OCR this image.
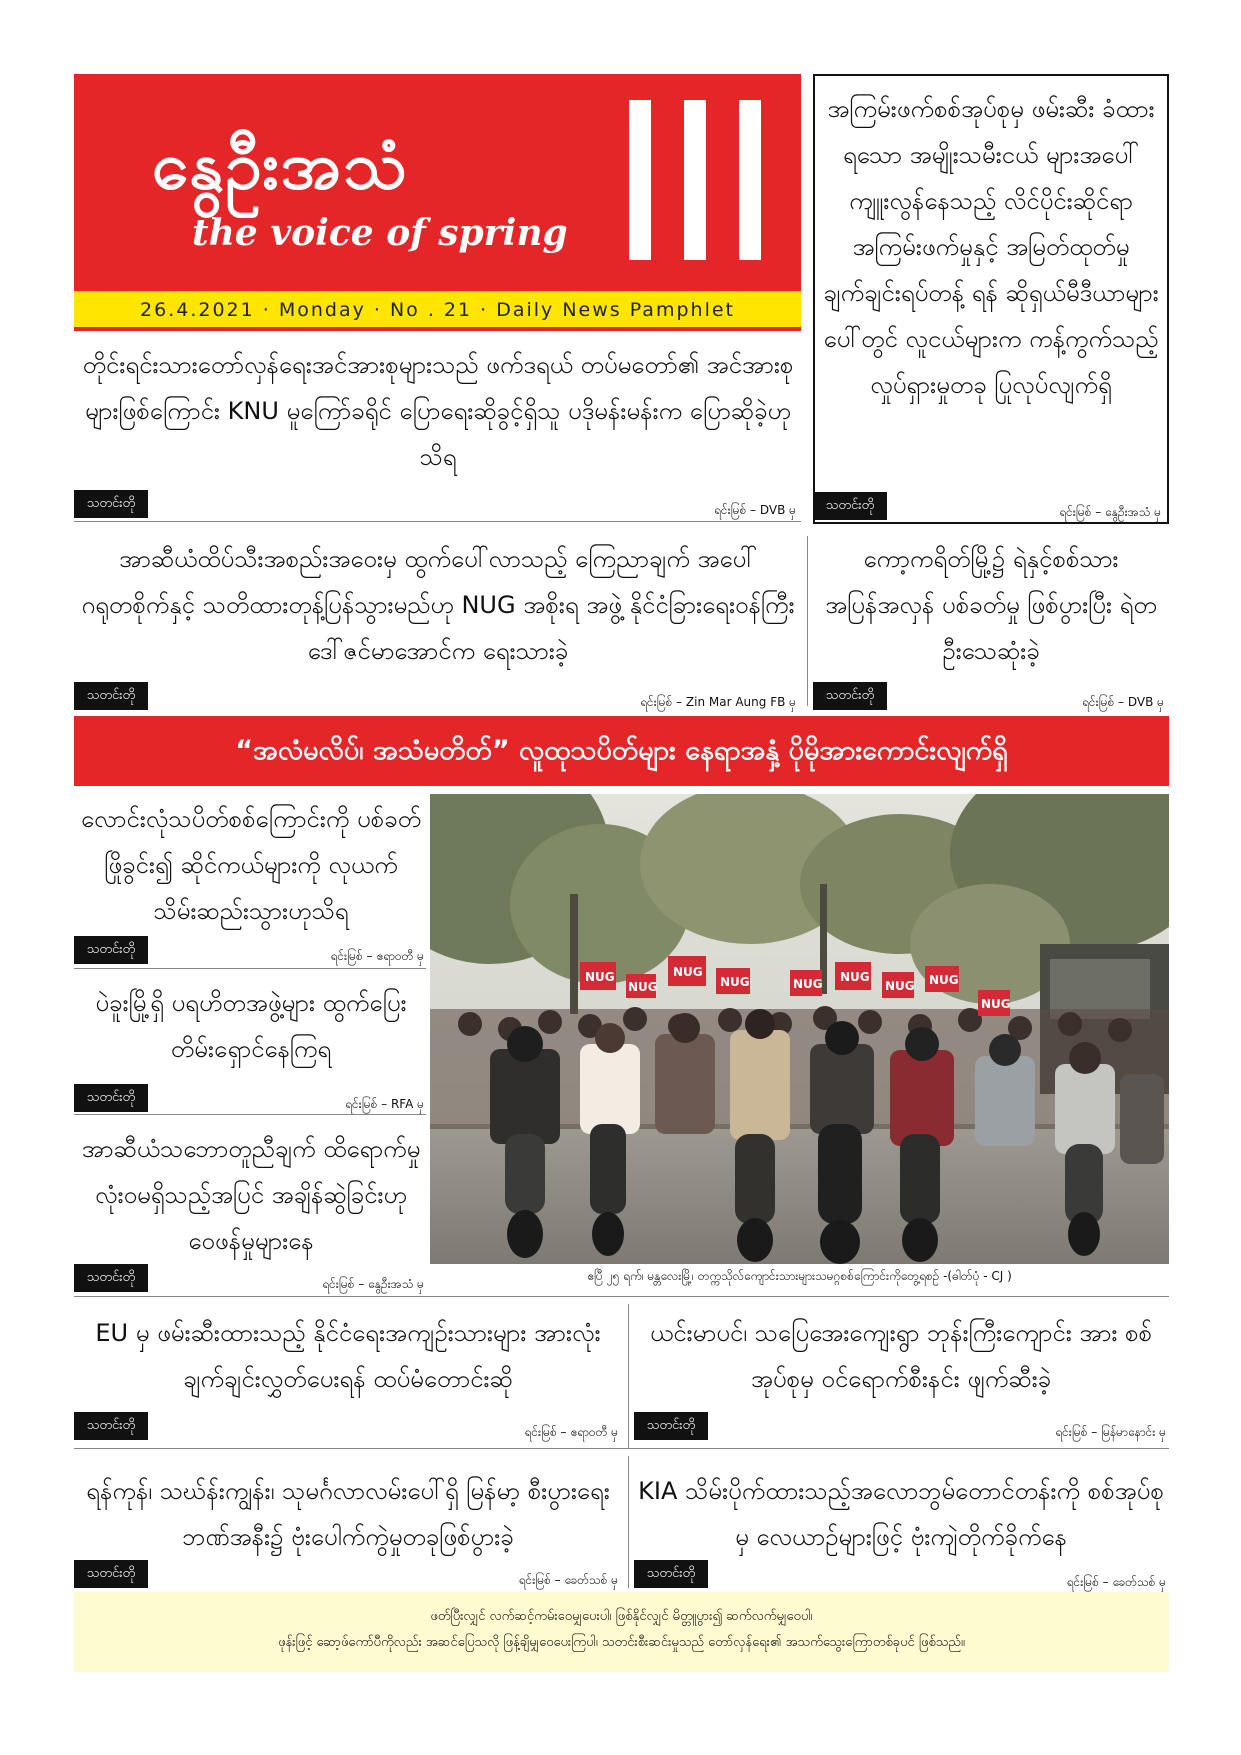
နွေဦးအသံ
the voice of spring
26.4.2021 · Monday · No . 21 · Daily News Pamphlet
တိုင်းရင်းသားတော်လှန်ရေးအင်အားစုများသည် ဖက်ဒရယ် တပ်မတော်၏ အင်အားစုများဖြစ်ကြောင်း KNU မူကြော်ခရိုင် ပြောရေးဆိုခွင့်ရှိသူ ပဒိုမန်းမန်းက ပြောဆိုခဲ့ဟုသိရ
သတင်းတို	ရင်းမြစ် – DVB မှ
အကြမ်းဖက်စစ်အုပ်စုမှ ဖမ်းဆီး ခံထားရသော အမျိုးသမီးငယ် များအပေါ် ကျူးလွန်နေသည့် လိင်ပိုင်းဆိုင်ရာအကြမ်းဖက်မှုနှင့် အမြတ်ထုတ်မှု ချက်ချင်းရပ်တန့် ရန် ဆိုရှယ်မီဒီယာများပေါ်တွင် လူငယ်များက ကန့်ကွက်သည့် လှုပ်ရှားမှုတခု ပြုလုပ်လျက်ရှိ
သတင်းတို	ရင်းမြစ် – နွေဦးအသံ မှ
အာဆီယံထိပ်သီးအစည်းအဝေးမှ ထွက်ပေါ်လာသည့် ကြေညာချက် အပေါ် ဂရုတစိုက်နှင့် သတိထားတုန့်ပြန်သွားမည်ဟု NUG အစိုးရ အဖွဲ့ နိုင်ငံခြားရေးဝန်ကြီး ဒေါ်ဇင်မာအောင်က ရေးသားခဲ့
သတင်းတို	ရင်းမြစ် – Zin Mar Aung FB မှ
ကော့ကရိတ်မြို့၌ ရဲနှင့်စစ်သား အပြန်အလှန် ပစ်ခတ်မှု ဖြစ်ပွားပြီး ရဲတဦးသေဆုံးခဲ့
သတင်းတို	ရင်းမြစ် – DVB မှ
“အလံမလိပ်၊ အသံမတိတ်” လူထုသပိတ်များ နေရာအနှံ့ ပိုမိုအားကောင်းလျက်ရှိ
လောင်းလုံသပိတ်စစ်ကြောင်းကို ပစ်ခတ်ဖြိုခွင်း၍ ဆိုင်ကယ်များကို လုယက်သိမ်းဆည်းသွားဟုသိရ
သတင်းတို	ရင်းမြစ် – ဧရာဝတီ မှ
ပဲခူးမြို့ရှိ ပရဟိတအဖွဲ့များ ထွက်ပြေးတိမ်းရှောင်နေကြရ
သတင်းတို	ရင်းမြစ် – RFA မှ
အာဆီယံသဘောတူညီချက် ထိရောက်မှုလုံးဝမရှိသည့်အပြင် အချိန်ဆွဲခြင်းဟု ဝေဖန်မှုများနေ
သတင်းတို	ရင်းမြစ် – နွေဦးအသံ မှ
NUG
NUG
NUG
NUG	NUG NUG
NUG NUG
NUG
ဧပြီ ၂၅ ရက်၊ မန္တလေးမြို့၊ တက္ကသိုလ်ကျောင်းသားများသမဂ္ဂစစ်ကြောင်းကိုတွေ့ရစဉ် -(ဓါတ်ပုံ - CJ )
EU မှ ဖမ်းဆီးထားသည့် နိုင်ငံရေးအကျဉ်းသားများ အားလုံး ချက်ချင်းလွှတ်ပေးရန် ထပ်မံတောင်းဆို
သတင်းတို	ရင်းမြစ် – ဧရာဝတီ မှ
ယင်းမာပင်၊ သပြေအေးကျေးရွာ ဘုန်းကြီးကျောင်း အား စစ်အုပ်စုမှ ဝင်ရောက်စီးနင်း ဖျက်ဆီးခဲ့
သတင်းတို	ရင်းမြစ် – မြန်မာနောင်း မှ
ရန်ကုန်၊ သဃ်န်းကျွန်း၊ သုမင်္ဂလာလမ်းပေါ်ရှိ မြန်မာ့ စီးပွားရေးဘဏ်အနီး၌ ဗုံးပေါက်ကွဲမှုတခုဖြစ်ပွားခဲ့
သတင်းတို	ရင်းမြစ် – ခေတ်သစ် မှ
KIA သိမ်းပိုက်ထားသည့်အလောဘွမ်တောင်တန်းကို စစ်အုပ်စုမှ လေယာဉ်များဖြင့် ဗုံးကျဲတိုက်ခိုက်နေ
သတင်းတို
ရင်းမြစ် – ခေတ်သစ် မှ
ဖတ်ပြီးလျှင် လက်ဆင့်ကမ်းဝေမျှပေးပါ၊ ဖြစ်နိုင်လျှင် မိတ္တူပွား၍ ဆက်လက်မျှဝေပါ၊
ဖုန်းဖြင့် ဆော့ဖ်ကော်ပီကိုလည်း အဆင်ပြေသလို ဖြန့်ချိမျှဝေပေးကြပါ၊ သတင်းစီးဆင်းမှုသည် တော်လှန်ရေး၏ အသက်သွေးကြောတစ်ခုပင် ဖြစ်သည်။
